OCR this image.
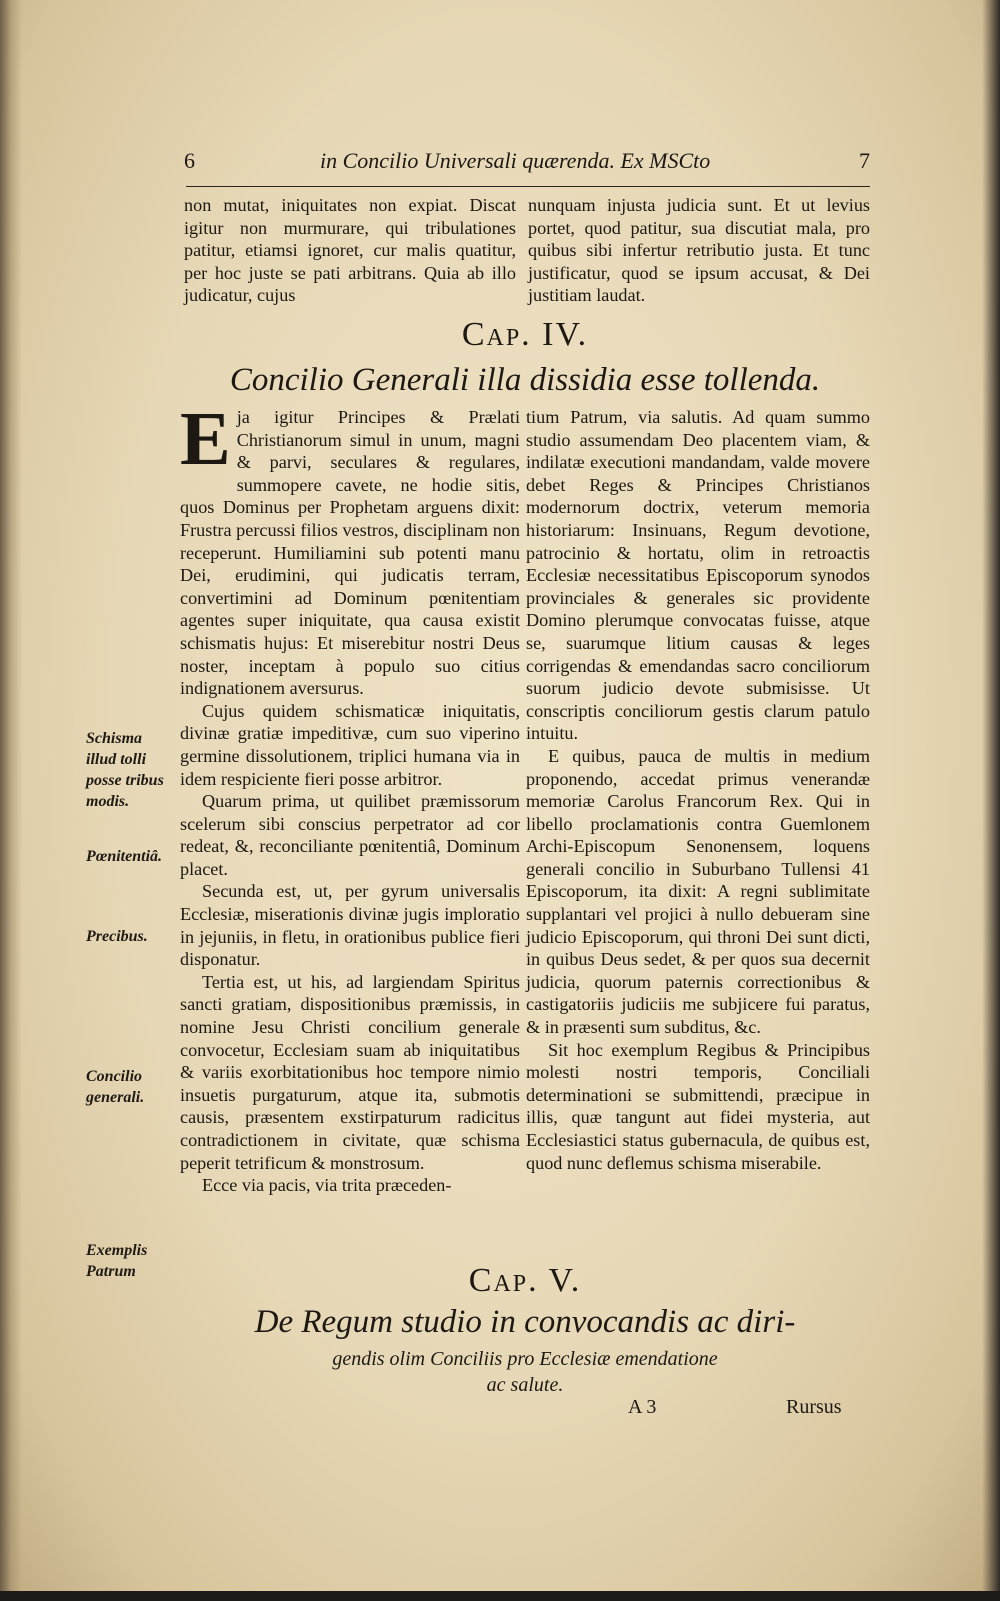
6	in Concilio Universali quærenda. Ex MSCto	7

non mutat, iniquitates non expiat. Discat igitur non murmurare, qui tribulationes patitur, etiamsi ignoret, cur malis quatitur, per hoc juste se pati arbitrans. Quia ab illo judicatur, cujus

nunquam injusta judicia sunt. Et ut levius portet, quod patitur, sua discutiat mala, pro quibus sibi infertur retributio justa. Et tunc justificatur, quod se ipsum accusat, & Dei justitiam laudat.

Cap. IV.
Concilio Generali illa dissidia esse tollenda.

Eja igitur Principes & Prælati Christianorum simul in unum, magni & parvi, seculares & regulares, summopere cavete, ne hodie sitis, quos Dominus per Prophetam arguens dixit: Frustra percussi filios vestros, disciplinam non receperunt. Humiliamini sub potenti manu Dei, erudimini, qui judicatis terram, convertimini ad Dominum pœnitentiam agentes super iniquitate, qua causa existit schismatis hujus: Et miserebitur nostri Deus noster, inceptam à populo suo citius indignationem aversurus.

Cujus quidem schismaticæ iniquitatis, divinæ gratiæ impeditivæ, cum suo viperino germine dissolutionem, triplici humana via in idem respiciente fieri posse arbitror.

Quarum prima, ut quilibet præmissorum scelerum sibi conscius perpetrator ad cor redeat, &, reconciliante pœnitentiâ, Dominum placet.

Secunda est, ut, per gyrum universalis Ecclesiæ, miserationis divinæ jugis imploratio in jejuniis, in fletu, in orationibus publice fieri disponatur.

Tertia est, ut his, ad largiendam Spiritus sancti gratiam, dispositionibus præmissis, in nomine Jesu Christi concilium generale convocetur, Ecclesiam suam ab iniquitatibus & variis exorbitationibus hoc tempore nimio insuetis purgaturum, atque ita, submotis causis, præsentem exstirpaturum radicitus contradictionem in civitate, quæ schisma peperit tetrificum & monstrosum.

Ecce via pacis, via trita præceden-

tium Patrum, via salutis. Ad quam summo studio assumendam Deo placentem viam, & indilatæ executioni mandandam, valde movere debet Reges & Principes Christianos modernorum doctrix, veterum memoria historiarum: Insinuans, Regum devotione, patrocinio & hortatu, olim in retroactis Ecclesiæ necessitatibus Episcoporum synodos provinciales & generales sic providente Domino plerumque convocatas fuisse, atque se, suarumque litium causas & leges corrigendas & emendandas sacro conciliorum suorum judicio devote submisisse. Ut conscriptis conciliorum gestis clarum patulo intuitu.

E quibus, pauca de multis in medium proponendo, accedat primus venerandæ memoriæ Carolus Francorum Rex. Qui in libello proclamationis contra Guemlonem Archi-Episcopum Senonensem, loquens generali concilio in Suburbano Tullensi 41 Episcoporum, ita dixit: A regni sublimitate supplantari vel projici à nullo debueram sine judicio Episcoporum, qui throni Dei sunt dicti, in quibus Deus sedet, & per quos sua decernit judicia, quorum paternis correctionibus & castigatoriis judiciis me subjicere fui paratus, & in præsenti sum subditus, &c.

Sit hoc exemplum Regibus & Principibus molesti nostri temporis, Conciliali determinationi se submittendi, præcipue in illis, quæ tangunt aut fidei mysteria, aut Ecclesiastici status gubernacula, de quibus est, quod nunc deflemus schisma miserabile.

Schisma illud tolli posse tribus modis.
Pœnitentiâ.
Precibus.
Concilio generali.
Exemplis Patrum	Cap. V.
De Regum studio in convocandis ac diri-
gendis olim Conciliis pro Ecclesiæ emendatione
ac salute.
A 3	Rursus
